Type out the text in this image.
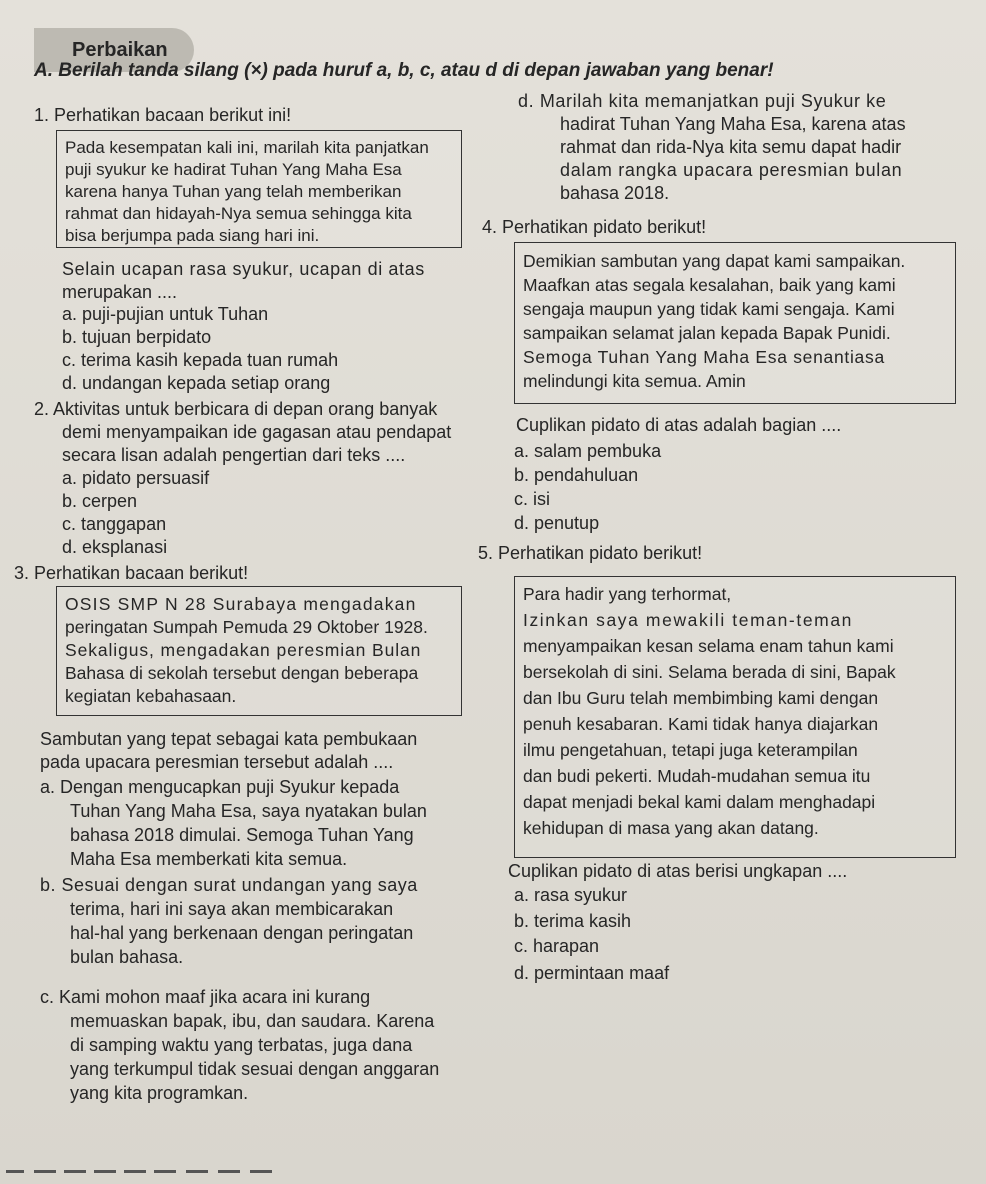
Perbaikan
A. Berilah tanda silang (×) pada huruf a, b, c, atau d di depan jawaban yang benar!
1. Perhatikan bacaan berikut ini!
Pada kesempatan kali ini, marilah kita panjatkan
puji syukur ke hadirat Tuhan Yang Maha Esa
karena hanya Tuhan yang telah memberikan
rahmat dan hidayah-Nya semua sehingga kita
bisa berjumpa pada siang hari ini.
Selain ucapan rasa syukur, ucapan di atas
merupakan ....
a. puji-pujian untuk Tuhan
b. tujuan berpidato
c. terima kasih kepada tuan rumah
d. undangan kepada setiap orang
2. Aktivitas untuk berbicara di depan orang banyak
demi menyampaikan ide gagasan atau pendapat
secara lisan adalah pengertian dari teks ....
a. pidato persuasif
b. cerpen
c. tanggapan
d. eksplanasi
3. Perhatikan bacaan berikut!
OSIS SMP N 28 Surabaya mengadakan
peringatan Sumpah Pemuda 29 Oktober 1928.
Sekaligus, mengadakan peresmian Bulan
Bahasa di sekolah tersebut dengan beberapa
kegiatan kebahasaan.
Sambutan yang tepat sebagai kata pembukaan
pada upacara peresmian tersebut adalah ....
a. Dengan mengucapkan puji Syukur kepada
Tuhan Yang Maha Esa, saya nyatakan bulan
bahasa 2018 dimulai. Semoga Tuhan Yang
Maha Esa memberkati kita semua.
b. Sesuai dengan surat undangan yang saya
terima, hari ini saya akan membicarakan
hal-hal yang berkenaan dengan peringatan
bulan bahasa.
c. Kami mohon maaf jika acara ini kurang
memuaskan bapak, ibu, dan saudara. Karena
di samping waktu yang terbatas, juga dana
yang terkumpul tidak sesuai dengan anggaran
yang kita programkan.
d. Marilah kita memanjatkan puji Syukur ke
hadirat Tuhan Yang Maha Esa, karena atas
rahmat dan rida-Nya kita semu dapat hadir
dalam rangka upacara peresmian bulan
bahasa 2018.
4. Perhatikan pidato berikut!
Demikian sambutan yang dapat kami sampaikan.
Maafkan atas segala kesalahan, baik yang kami
sengaja maupun yang tidak kami sengaja. Kami
sampaikan selamat jalan kepada Bapak Punidi.
Semoga Tuhan Yang Maha Esa senantiasa
melindungi kita semua. Amin
Cuplikan pidato di atas adalah bagian ....
a. salam pembuka
b. pendahuluan
c. isi
d. penutup
5. Perhatikan pidato berikut!
Para hadir yang terhormat,
Izinkan saya mewakili teman-teman
menyampaikan kesan selama enam tahun kami
bersekolah di sini. Selama berada di sini, Bapak
dan Ibu Guru telah membimbing kami dengan
penuh kesabaran. Kami tidak hanya diajarkan
ilmu pengetahuan, tetapi juga keterampilan
dan budi pekerti. Mudah-mudahan semua itu
dapat menjadi bekal kami dalam menghadapi
kehidupan di masa yang akan datang.
Cuplikan pidato di atas berisi ungkapan ....
a. rasa syukur
b. terima kasih
c. harapan
d. permintaan maaf
